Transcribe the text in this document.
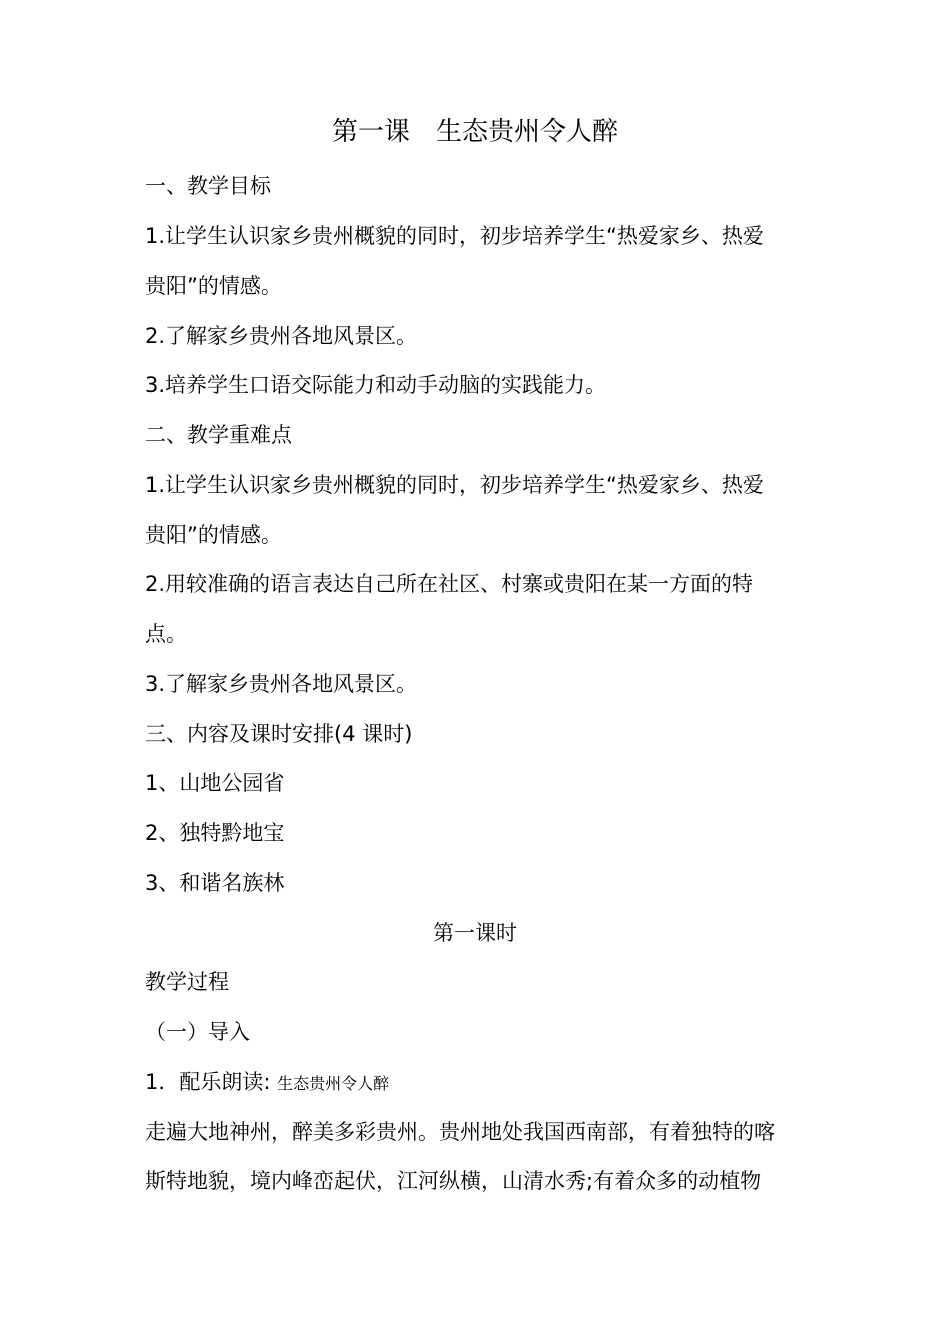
第一课　生态贵州令人醉
一、教学目标
1.让学生认识家乡贵州概貌的同时，初步培养学生“热爱家乡、热爱
贵阳”的情感。
2.了解家乡贵州各地风景区。
3.培养学生口语交际能力和动手动脑的实践能力。
二、教学重难点
1.让学生认识家乡贵州概貌的同时，初步培养学生“热爱家乡、热爱
贵阳”的情感。
2.用较准确的语言表达自己所在社区、村寨或贵阳在某一方面的特
点。
3.了解家乡贵州各地风景区。
三、内容及课时安排(4 课时)
1、山地公园省
2、独特黔地宝
3、和谐名族林
第一课时
教学过程
（一）导入
1．配乐朗读: 生态贵州令人醉
走遍大地神州，醉美多彩贵州。贵州地处我国西南部，有着独特的喀
斯特地貌，境内峰峦起伏，江河纵横，山清水秀;有着众多的动植物
